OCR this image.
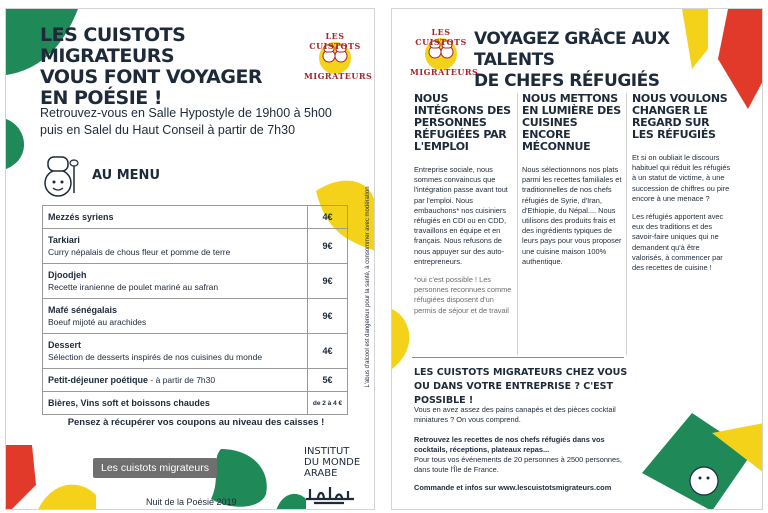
LES CUISTOTS MIGRATEURS
VOUS FONT VOYAGER
EN POÉSIE !
LES CUISTOTS
MIGRATEURS
Retrouvez-vous en Salle Hypostyle de 19h00 à 5h00
puis en Salel du Haut Conseil à partir de 7h30
AU MENU
Mezzés syriens	4€
Tarkiari
Curry népalais de chous fleur et pomme de terre
9€
Djoodjeh
Recette iranienne de poulet mariné au safran
9€
Mafé sénégalais
Boeuf mijoté au arachides
9€
Dessert
Sélection de desserts inspirés de nos cuisines du monde
4€
Petit-déjeuner poétique - à partir de 7h30	5€
Bières, Vins soft et boissons chaudes	de 2 à 4 €
L'abus d'alcool est dangereux pour la santé, à consommer avec modération
Pensez à récupérer vos coupons au niveau des caisses !
Les cuistots migrateurs
INSTITUT
DU MONDE
ARABE
Nuit de la Poésie 2019
LES CUISTOTS
MIGRATEURS
VOYAGEZ GRÂCE AUX TALENTS
DE CHEFS RÉFUGIÉS
NOUS INTÉGRONS DES PERSONNES RÉFUGIÉES PAR L'EMPLOI
Entreprise sociale, nous sommes convaincus que l'intégration passe avant tout par l'emploi. Nous embauchons* nos cuisiniers réfugiés en CDI ou en CDD, travaillons en équipe et en français. Nous refusons de nous appuyer sur des auto-entrepreneurs.
*oui c'est possible ! Les personnes reconnues comme réfugiées disposent d'un permis de séjour et de travail
NOUS METTONS EN LUMIÈRE DES CUISINES ENCORE MÉCONNUE
Nous sélectionnons nos plats parmi les recettes familiales et traditionnelles de nos chefs réfugiés de Syrie, d'Iran, d'Ethiopie, du Népal.... Nous utilisons des produits frais et des ingrédients typiques de leurs pays pour vous proposer une cuisine maison 100% authentique.
NOUS VOULONS CHANGER LE REGARD SUR LES RÉFUGIÉS
Et si on oubliait le discours habituel qui réduit les réfugiés à un statut de victime, à une succession de chiffres ou pire encore à une menace ?
Les réfugiés apportent avec eux des traditions et des savoir-faire uniques qui ne demandent qu'à être valorisés, à commencer par des recettes de cuisine !
LES CUISTOTS MIGRATEURS CHEZ VOUS OU DANS VOTRE ENTREPRISE ? C'EST POSSIBLE !
Vous en avez assez des pains canapés et des pièces cocktail miniatures ? On vous comprend.
Retrouvez les recettes de nos chefs réfugiés dans vos cocktails, réceptions, plateaux repas...
Pour tous vos événements de 20 personnes à 2500 personnes, dans toute l'Île de France.
Commande et infos sur www.lescuistotsmigrateurs.com
